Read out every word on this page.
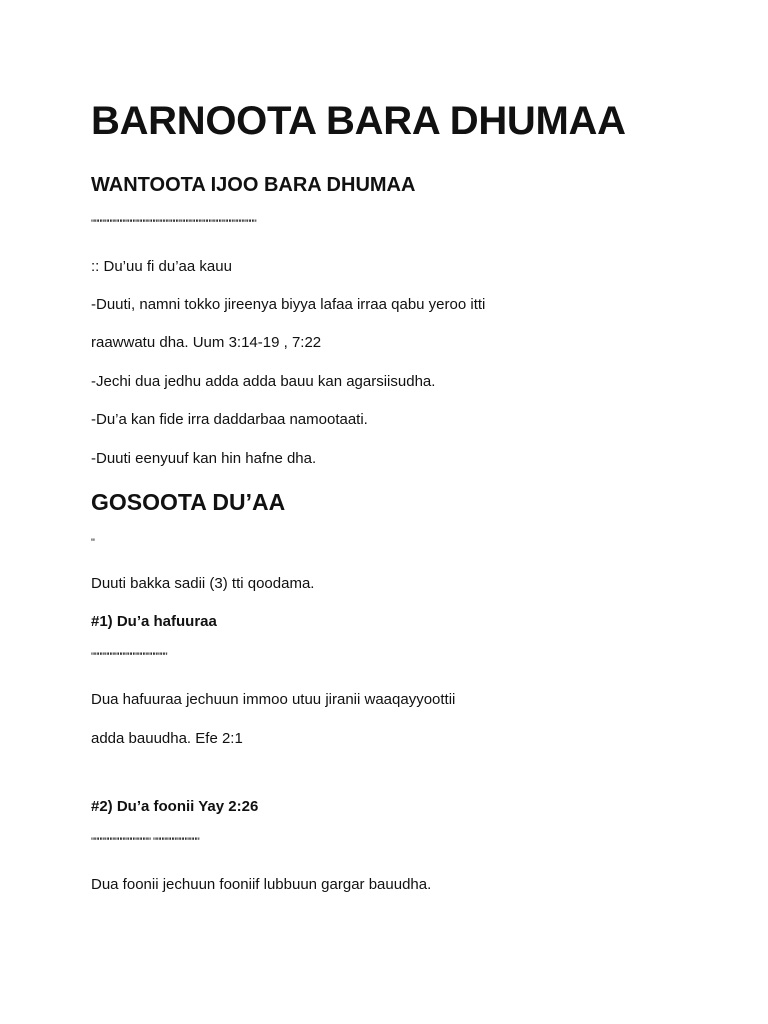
BARNOOTA BARA DHUMAA
WANTOOTA IJOO BARA DHUMAA
""""""""""""""""""""""""""""""""""""""""""""""""""
:: Du’uu fi du’aa kauu
-Duuti, namni tokko jireenya biyya lafaa irraa qabu yeroo itti
raawwatu dha. Uum 3:14-19 , 7:22
-Jechi dua jedhu adda adda bauu kan agarsiisudha.
-Du’a kan fide irra daddarbaa namootaati.
-Duuti eenyuuf kan hin hafne dha.
GOSOOTA DU’AA
"
Duuti bakka sadii (3) tti qoodama.
#1) Du’a hafuuraa
"""""""""""""""""""""""
Dua hafuuraa jechuun immoo utuu jiranii waaqayyoottii
adda bauudha. Efe 2:1
#2) Du’a foonii Yay 2:26
"""""""""""""""""" """"""""""""""
Dua foonii jechuun fooniif lubbuun gargar bauudha.
